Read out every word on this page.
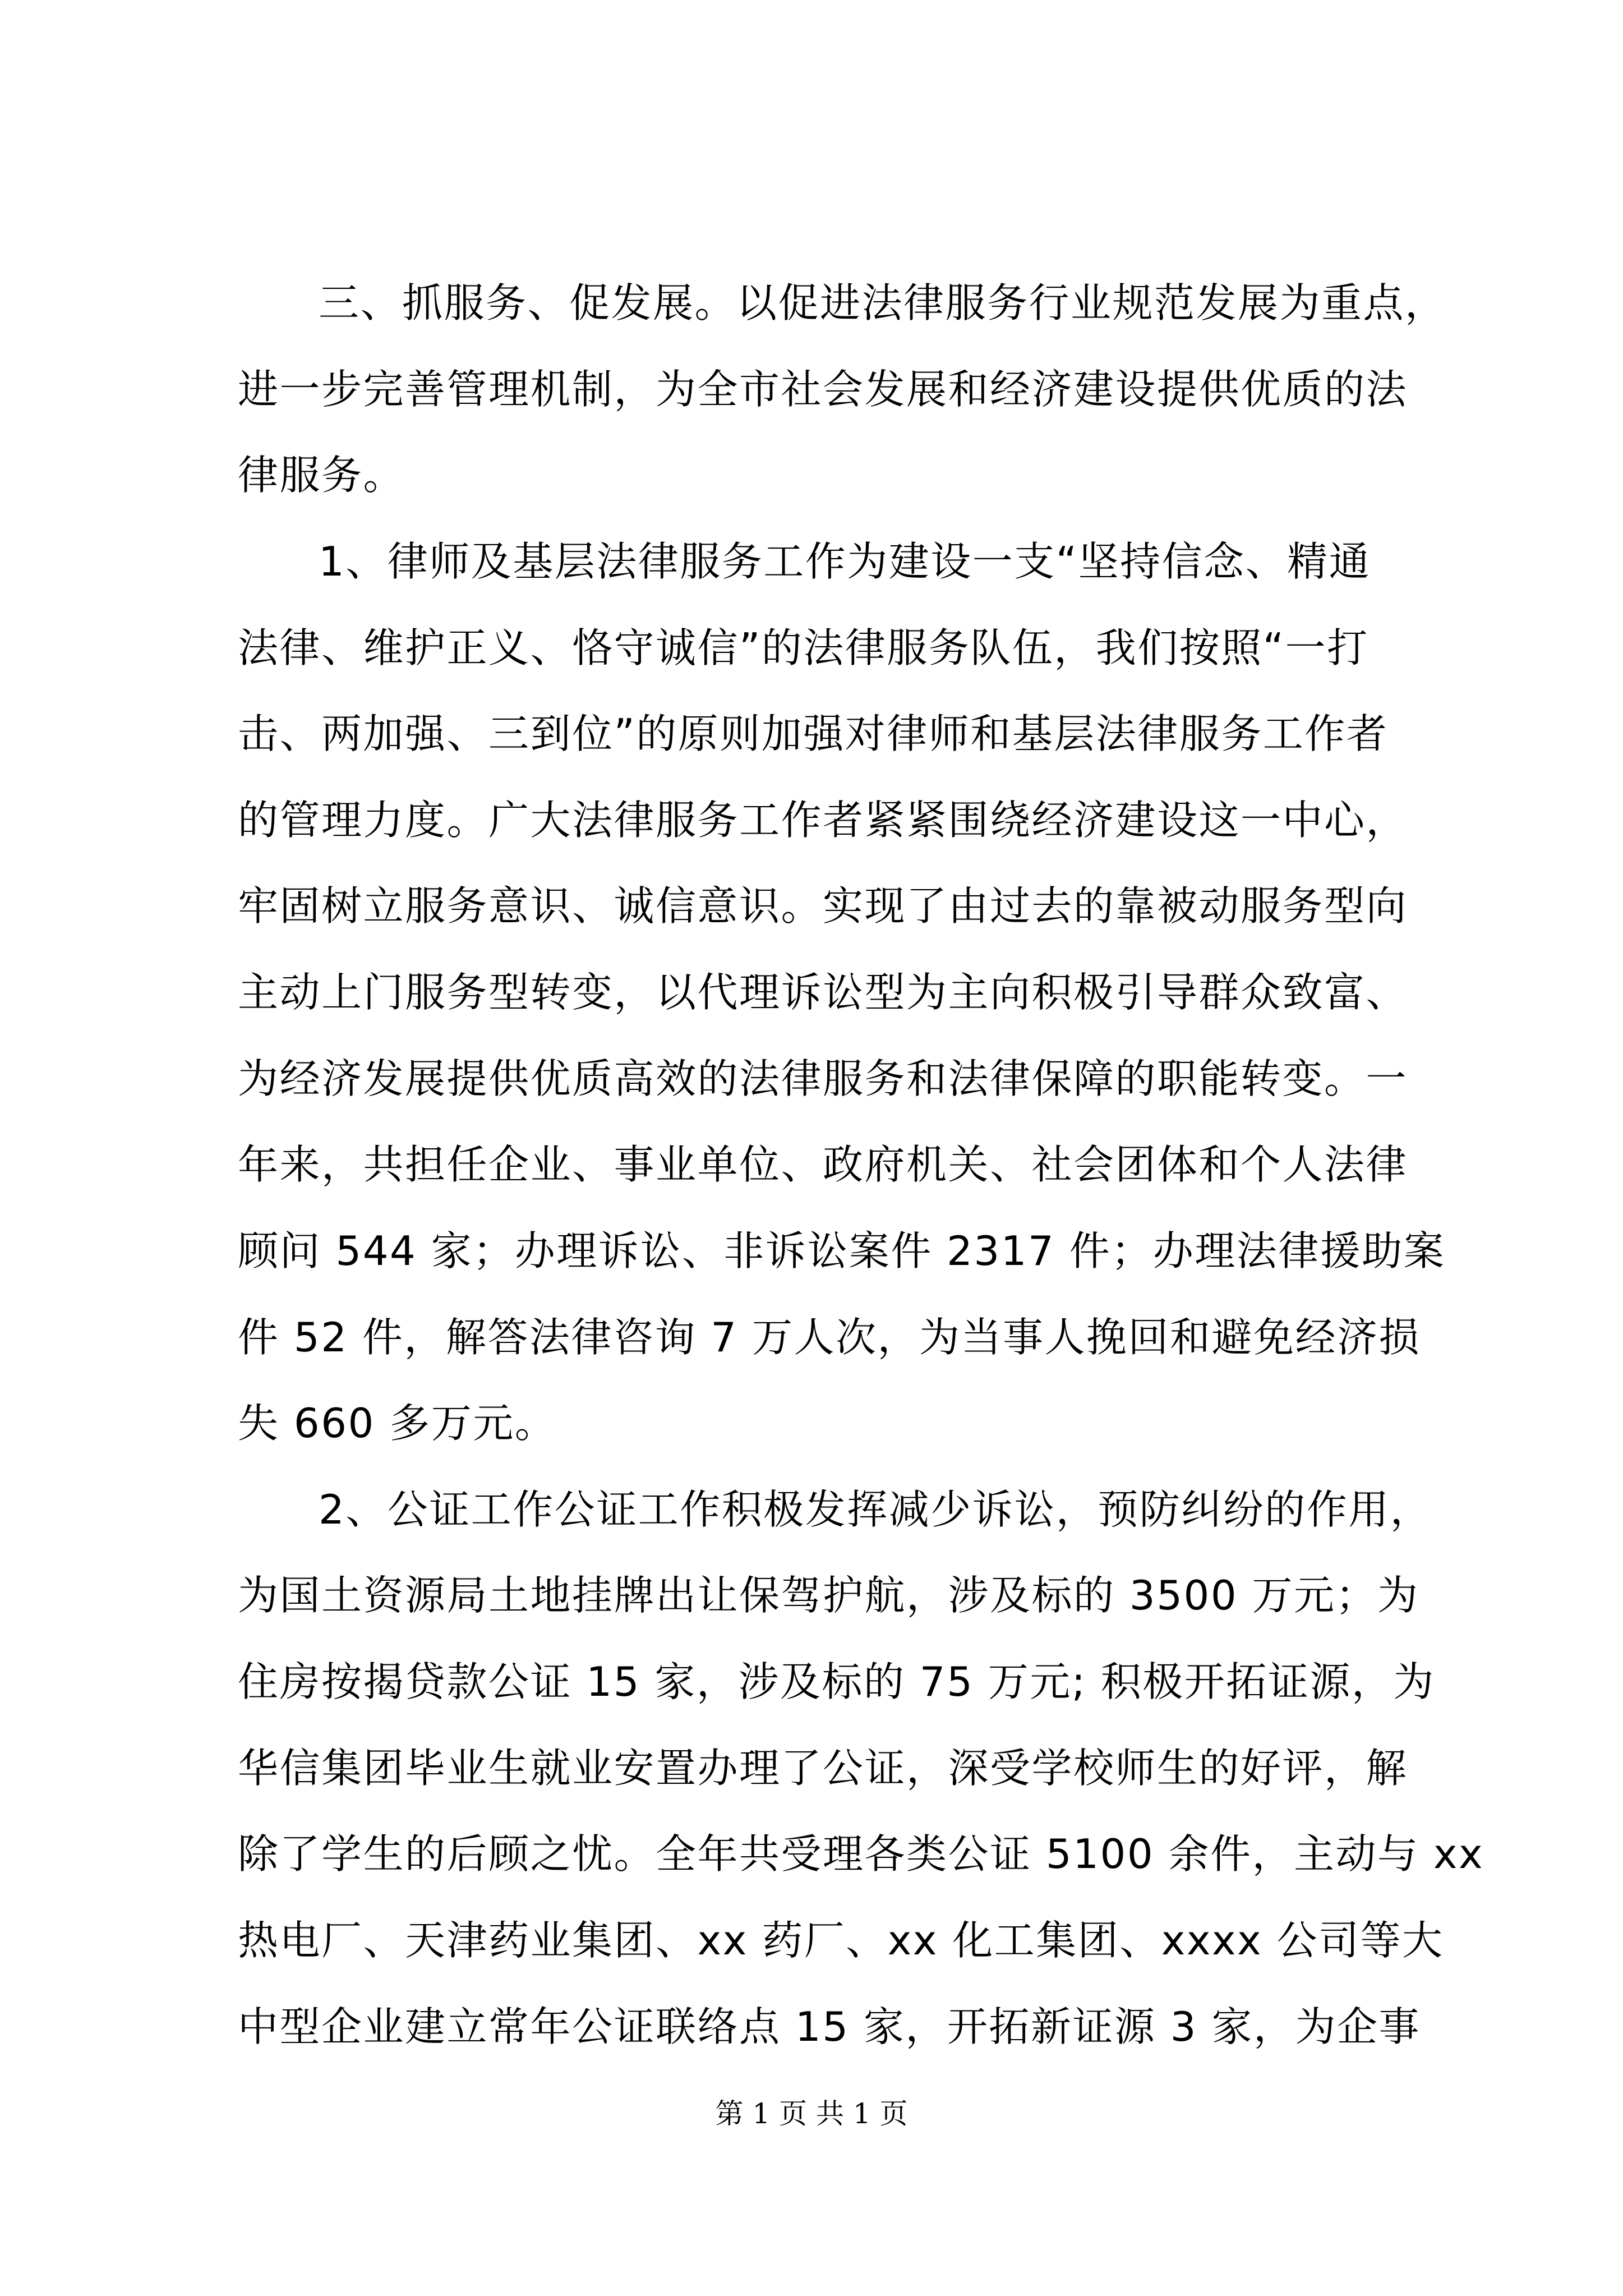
三、抓服务、促发展。以促进法律服务行业规范发展为重点，
进一步完善管理机制，为全市社会发展和经济建设提供优质的法
律服务。
1、律师及基层法律服务工作为建设一支“坚持信念、精通
法律、维护正义、恪守诚信”的法律服务队伍，我们按照“一打
击、两加强、三到位”的原则加强对律师和基层法律服务工作者
的管理力度。广大法律服务工作者紧紧围绕经济建设这一中心，
牢固树立服务意识、诚信意识。实现了由过去的靠被动服务型向
主动上门服务型转变，以代理诉讼型为主向积极引导群众致富、
为经济发展提供优质高效的法律服务和法律保障的职能转变。一
年来，共担任企业、事业单位、政府机关、社会团体和个人法律
顾问 544 家；办理诉讼、非诉讼案件 2317 件；办理法律援助案
件 52 件，解答法律咨询 7 万人次，为当事人挽回和避免经济损
失 660 多万元。
2、公证工作公证工作积极发挥减少诉讼，预防纠纷的作用，
为国土资源局土地挂牌出让保驾护航，涉及标的 3500 万元；为
住房按揭贷款公证 15 家，涉及标的 75 万元; 积极开拓证源，为
华信集团毕业生就业安置办理了公证，深受学校师生的好评，解
除了学生的后顾之忧。全年共受理各类公证 5100 余件，主动与 xx
热电厂、天津药业集团、xx 药厂、xx 化工集团、xxxx 公司等大
中型企业建立常年公证联络点 15 家，开拓新证源 3 家，为企事
第 1 页 共 1 页
